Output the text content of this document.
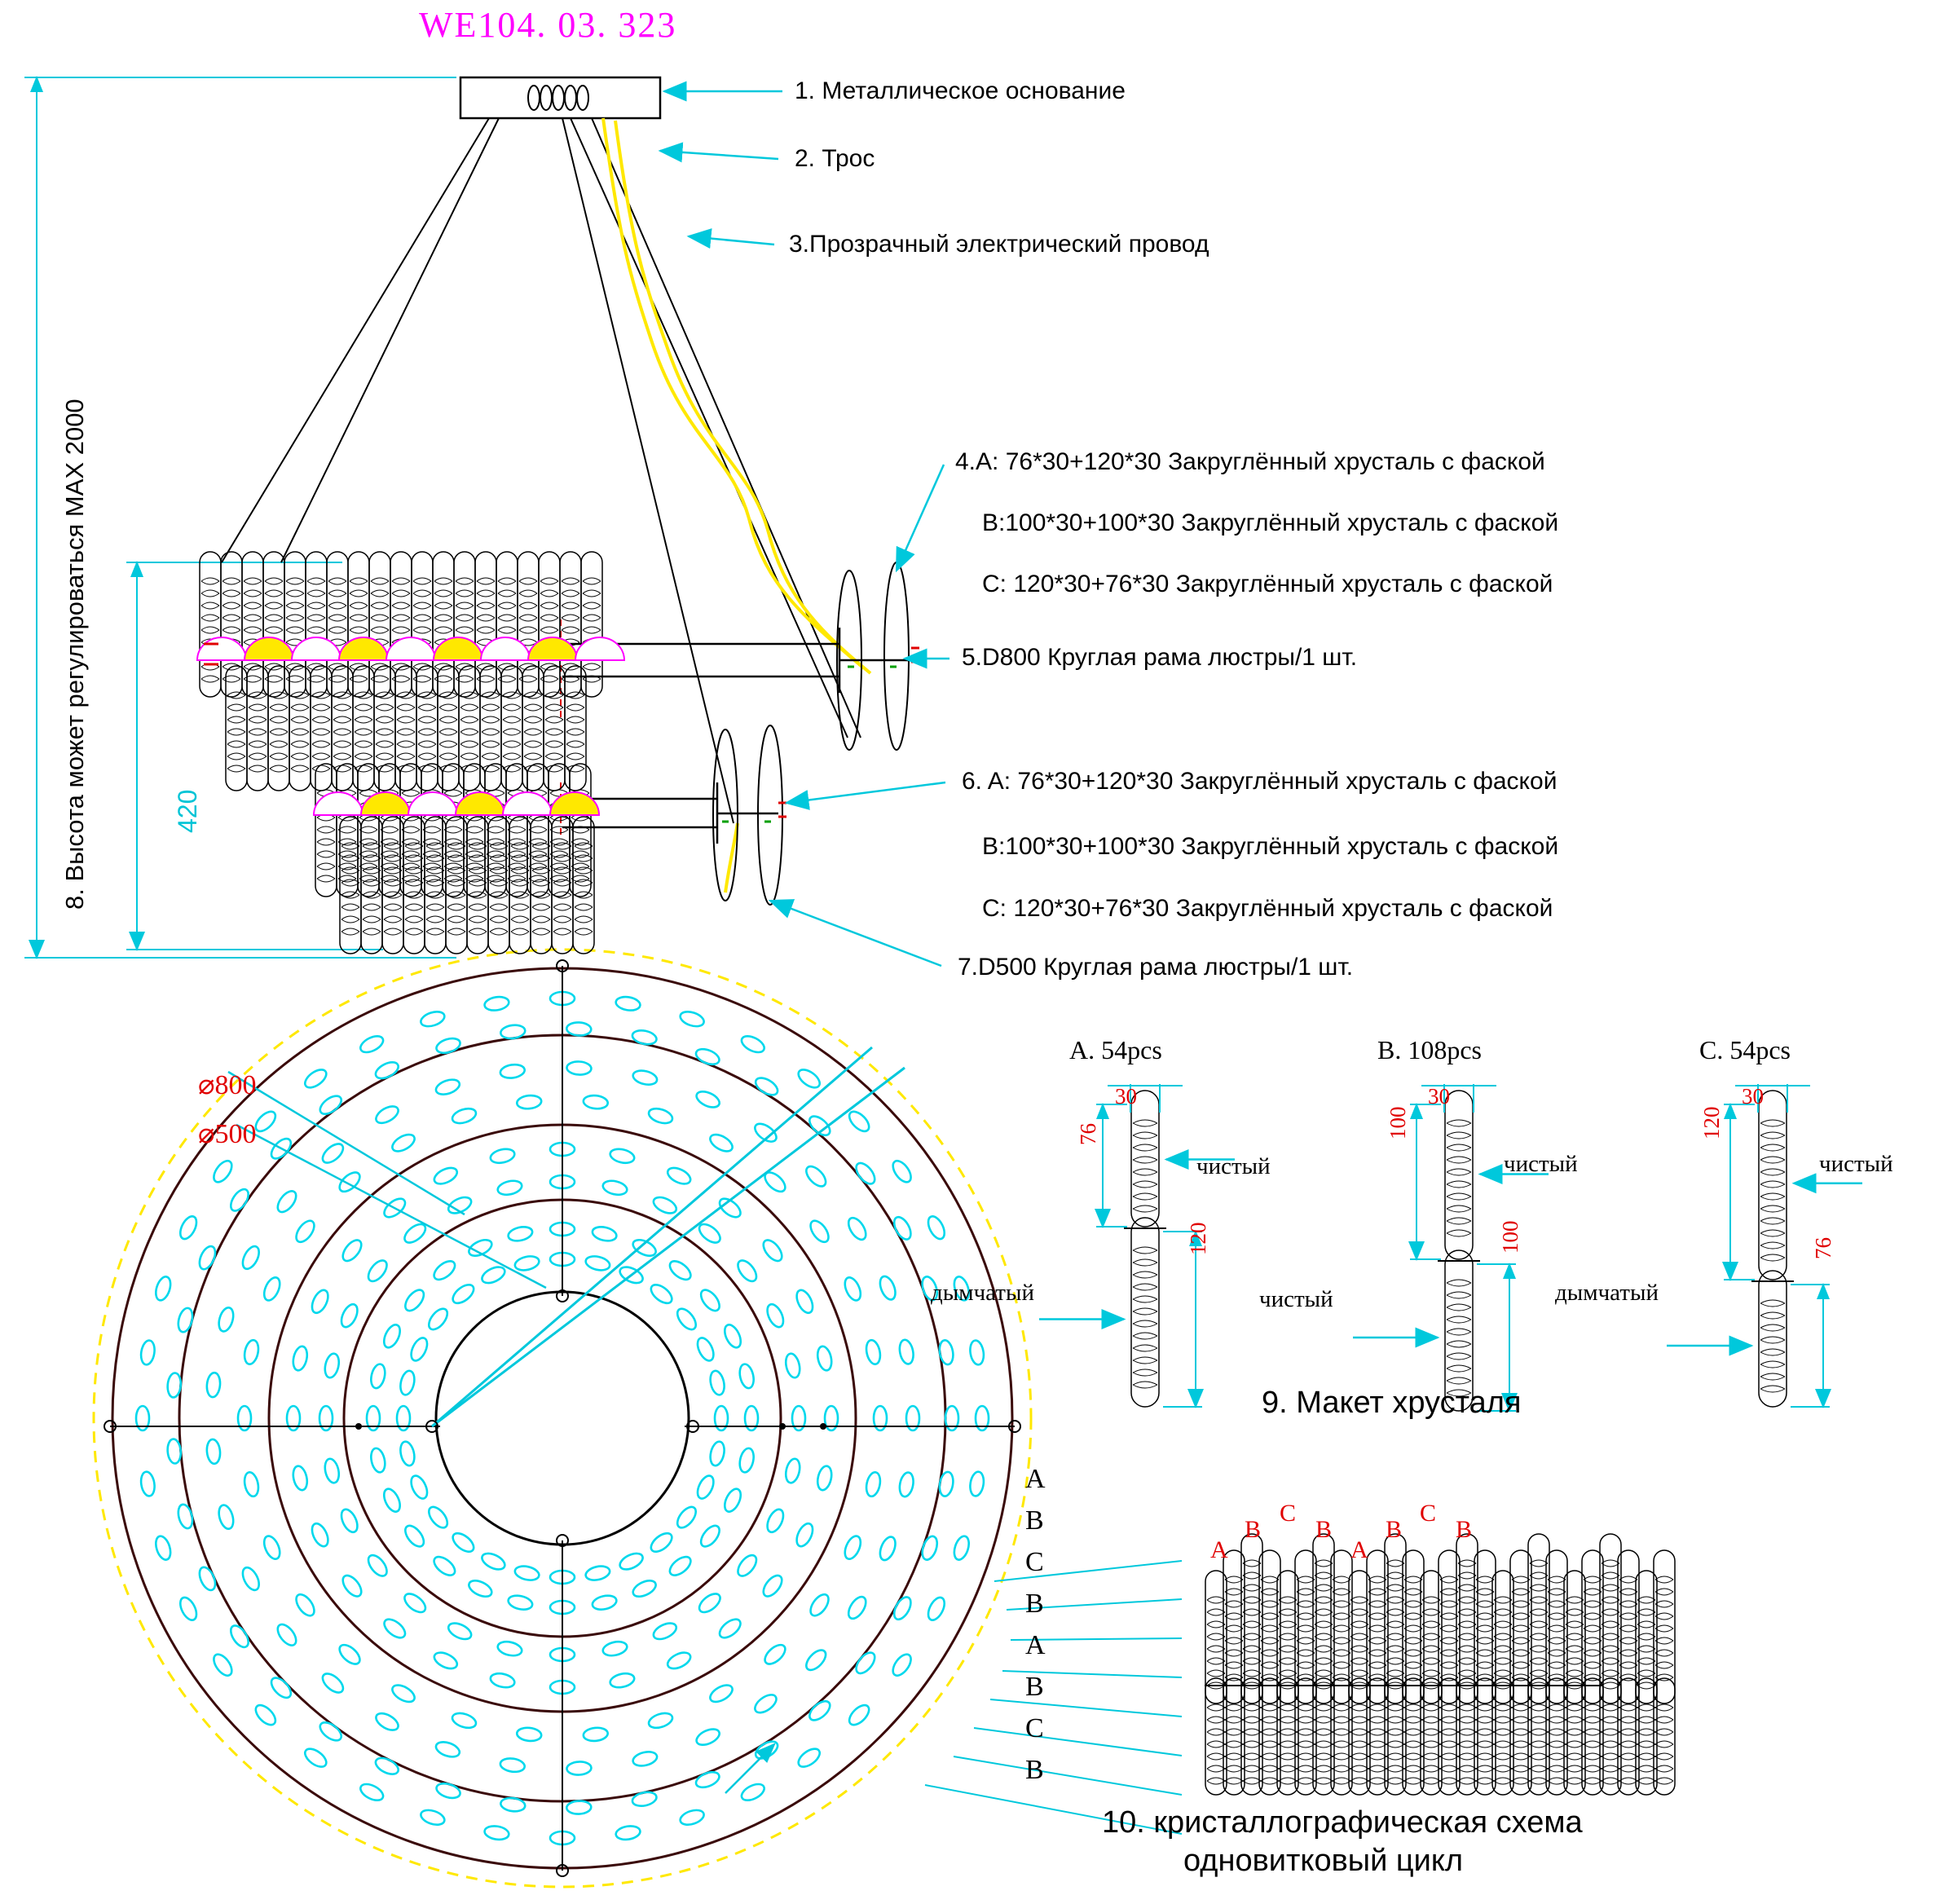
WE104. 03. 323

8. Высота может регулироваться MAX 2000
	420

1. Металлическое основание
2. Трос
3.Прозрачный электрический провод
4.A: 76*30+120*30 Закруглённый хрусталь с фаской
B:100*30+100*30 Закруглённый хрусталь с фаской
C: 120*30+76*30 Закруглённый хрусталь с фаской
5.D800 Круглая рама люстры/1 шт.
6. A: 76*30+120*30 Закруглённый хрусталь с фаской
B:100*30+100*30 Закруглённый хрусталь с фаской
C: 120*30+76*30 Закруглённый хрусталь с фаской
7.D500 Круглая рама люстры/1 шт.
⌀800
⌀500
A
B
C
B
A
B
C
B
A. 54pcs	B. 108pcs	C. 54pcs
30
76
120
чистый
дымчатый
30
100
100
чистый
чистый
30
120
76
чистый
дымчатый
9. Макет хрусталя
A
B
C
B
A
B
C
B
10. кристаллографическая схема
одновитковый цикл
